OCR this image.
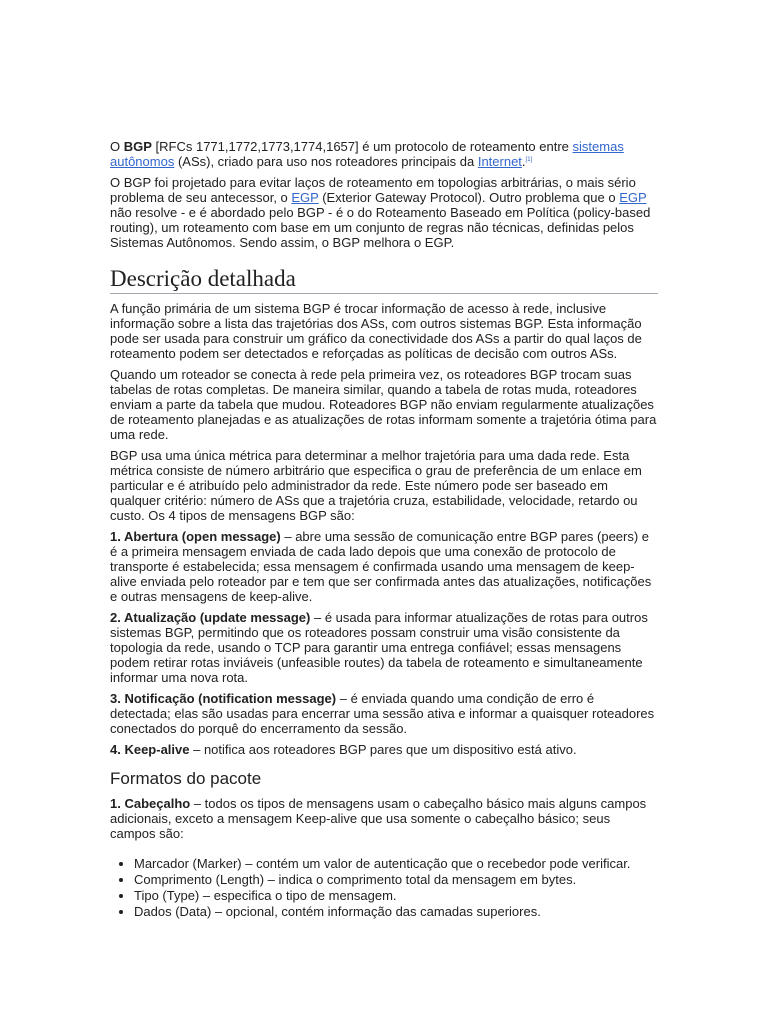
O BGP [RFCs 1771,1772,1773,1774,1657] é um protocolo de roteamento entre sistemas autônomos (ASs), criado para uso nos roteadores principais da Internet.[1]

O BGP foi projetado para evitar laços de roteamento em topologias arbitrárias, o mais sério problema de seu antecessor, o EGP (Exterior Gateway Protocol). Outro problema que o EGP não resolve - e é abordado pelo BGP - é o do Roteamento Baseado em Política (policy-based routing), um roteamento com base em um conjunto de regras não técnicas, definidas pelos Sistemas Autônomos. Sendo assim, o BGP melhora o EGP.

Descrição detalhada

A função primária de um sistema BGP é trocar informação de acesso à rede, inclusive informação sobre a lista das trajetórias dos ASs, com outros sistemas BGP. Esta informação pode ser usada para construir um gráfico da conectividade dos ASs a partir do qual laços de roteamento podem ser detectados e reforçadas as políticas de decisão com outros ASs.

Quando um roteador se conecta à rede pela primeira vez, os roteadores BGP trocam suas tabelas de rotas completas. De maneira similar, quando a tabela de rotas muda, roteadores enviam a parte da tabela que mudou. Roteadores BGP não enviam regularmente atualizações de roteamento planejadas e as atualizações de rotas informam somente a trajetória ótima para uma rede.

BGP usa uma única métrica para determinar a melhor trajetória para uma dada rede. Esta métrica consiste de número arbitrário que especifica o grau de preferência de um enlace em particular e é atribuído pelo administrador da rede. Este número pode ser baseado em qualquer critério: número de ASs que a trajetória cruza, estabilidade, velocidade, retardo ou custo. Os 4 tipos de mensagens BGP são:

1. Abertura (open message) – abre uma sessão de comunicação entre BGP pares (peers) e é a primeira mensagem enviada de cada lado depois que uma conexão de protocolo de transporte é estabelecida; essa mensagem é confirmada usando uma mensagem de keep-alive enviada pelo roteador par e tem que ser confirmada antes das atualizações, notificações e outras mensagens de keep-alive.

2. Atualização (update message) – é usada para informar atualizações de rotas para outros sistemas BGP, permitindo que os roteadores possam construir uma visão consistente da topologia da rede, usando o TCP para garantir uma entrega confiável; essas mensagens podem retirar rotas inviáveis (unfeasible routes) da tabela de roteamento e simultaneamente informar uma nova rota.

3. Notificação (notification message) – é enviada quando uma condição de erro é detectada; elas são usadas para encerrar uma sessão ativa e informar a quaisquer roteadores conectados do porquê do encerramento da sessão.

4. Keep-alive – notifica aos roteadores BGP pares que um dispositivo está ativo.

Formatos do pacote

1. Cabeçalho – todos os tipos de mensagens usam o cabeçalho básico mais alguns campos adicionais, exceto a mensagem Keep-alive que usa somente o cabeçalho básico; seus campos são:

• Marcador (Marker) – contém um valor de autenticação que o recebedor pode verificar.
• Comprimento (Length) – indica o comprimento total da mensagem em bytes.
• Tipo (Type) – especifica o tipo de mensagem.
• Dados (Data) – opcional, contém informação das camadas superiores.
